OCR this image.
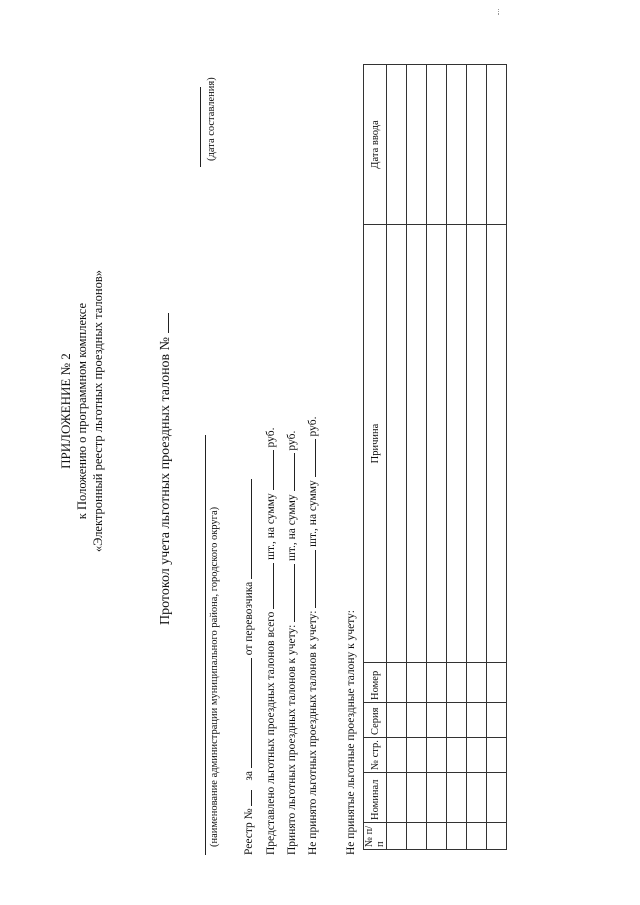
ПРИЛОЖЕНИЕ № 2 к Положению о программном комплексе «Электронный реестр льготных проездных талонов»
(дата составления)
Протокол учета льготных проездных талонов №
(наименование администрации муниципального района, городского округа) Реестр №  за  от перевозчика Представлено льготных проездных талонов всего  шт., на сумму  руб.
Принято льготных проездных талонов к учету:  шт., на сумму  руб.
Не принято льготных проездных талонов к учету:  шт., на сумму  руб.
Не принятые льготные проездные талону к учету: № п/п	Номинал	№ стр.	Серия	Номер	Причина	Дата ввода
